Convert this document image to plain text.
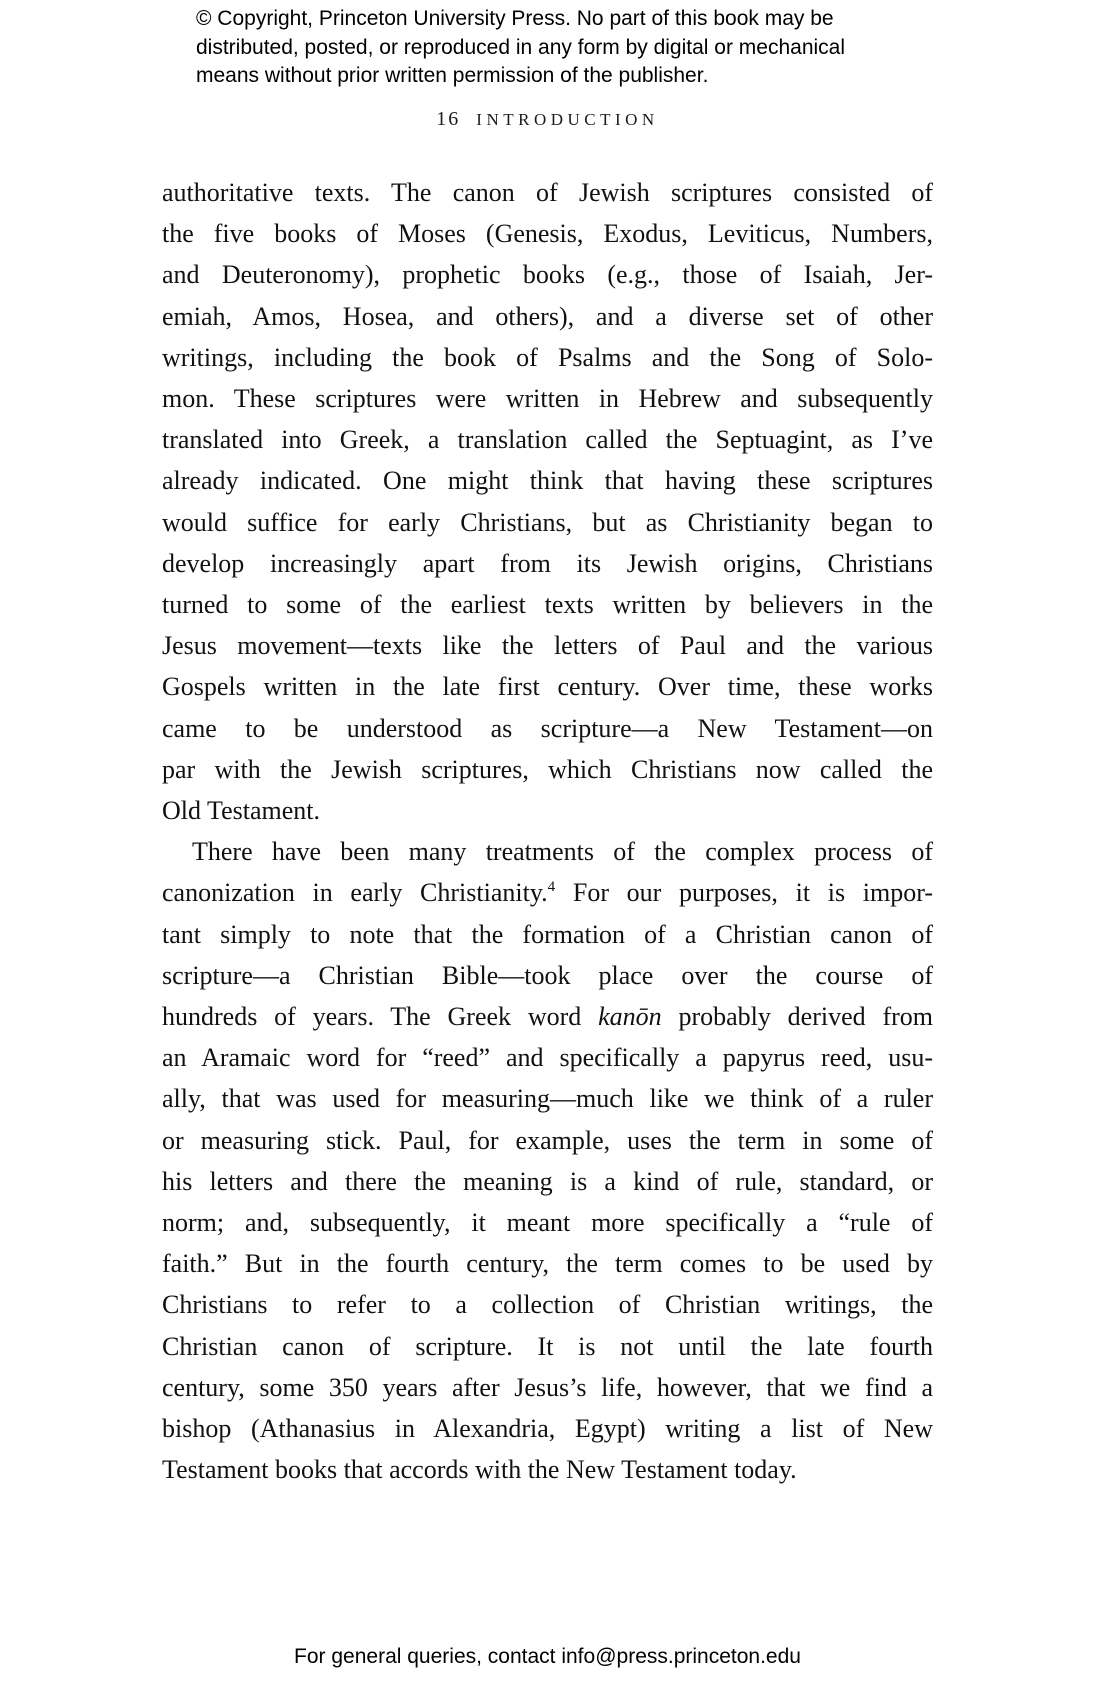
© Copyright, Princeton University Press. No part of this book may be
distributed, posted, or reproduced in any form by digital or mechanical
means without prior written permission of the publisher.
16 INTRODUCTION
authoritative texts. The canon of Jewish scriptures consisted of
the five books of Moses (Genesis, Exodus, Leviticus, Numbers,
and Deuteronomy), prophetic books (e.g., those of Isaiah, Jer-
emiah, Amos, Hosea, and others), and a diverse set of other
writings, including the book of Psalms and the Song of Solo-
mon. These scriptures were written in Hebrew and subsequently
translated into Greek, a translation called the Septuagint, as I’ve
already indicated. One might think that having these scriptures
would suffice for early Christians, but as Christianity began to
develop increasingly apart from its Jewish origins, Christians
turned to some of the earliest texts written by believers in the
Jesus movement—texts like the letters of Paul and the various
Gospels written in the late first century. Over time, these works
came to be understood as scripture—a New Testament—on
par with the Jewish scriptures, which Christians now called the
Old Testament.
There have been many treatments of the complex process of
canonization in early Christianity.$^4$ For our purposes, it is impor-
tant simply to note that the formation of a Christian canon of
scripture—a Christian Bible—took place over the course of
hundreds of years. The Greek word kanōn probably derived from
an Aramaic word for “reed” and specifically a papyrus reed, usu-
ally, that was used for measuring—much like we think of a ruler
or measuring stick. Paul, for example, uses the term in some of
his letters and there the meaning is a kind of rule, standard, or
norm; and, subsequently, it meant more specifically a “rule of
faith.” But in the fourth century, the term comes to be used by
Christians to refer to a collection of Christian writings, the
Christian canon of scripture. It is not until the late fourth
century, some 350 years after Jesus’s life, however, that we find a
bishop (Athanasius in Alexandria, Egypt) writing a list of New
Testament books that accords with the New Testament today.
For general queries, contact info@press.princeton.edu
